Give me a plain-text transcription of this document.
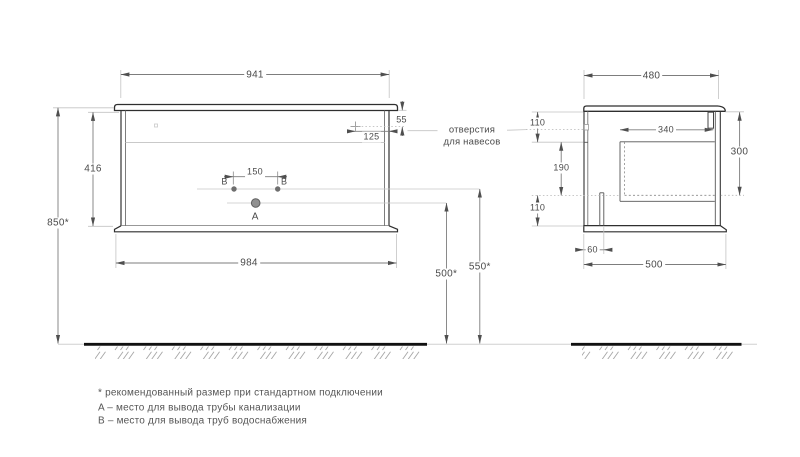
941
55
125
416
850*
150
B	B
A
984
500*
550*
480
110
190
110
340
300
60
500
отверстия
для навесов
* рекомендованный размер при стандартном подключении
A – место для вывода трубы канализации
B – место для вывода труб водоснабжения
